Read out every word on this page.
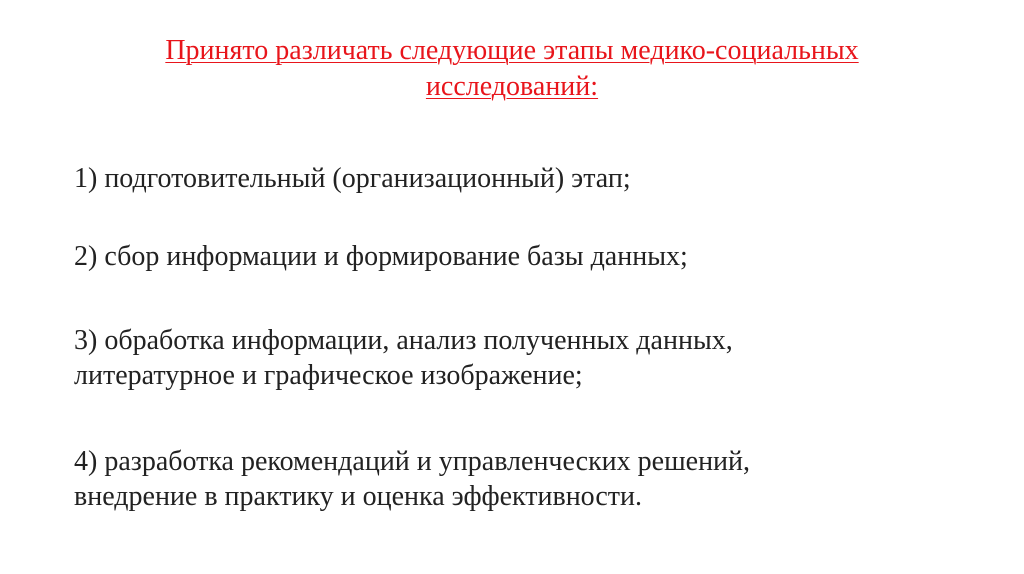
Принято различать следующие этапы медико-социальных
исследований:
1) подготовительный (организационный) этап;
2) сбор информации и формирование базы данных;
3) обработка информации, анализ полученных данных,
литературное и графическое изображение;
4) разработка рекомендаций и управленческих решений,
внедрение в практику и оценка эффективности.
